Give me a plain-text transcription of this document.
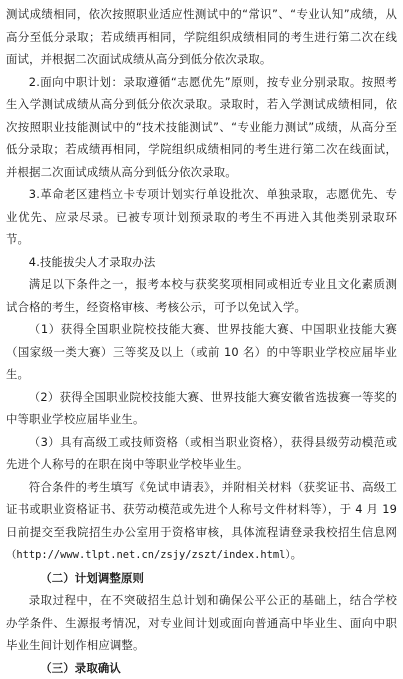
测试成绩相同，依次按照职业适应性测试中的“常识”、“专业认知”成绩，从高分至低分录取；若成绩再相同，学院组织成绩相同的考生进行第二次在线面试，并根据二次面试成绩从高分到低分依次录取。

2.面向中职计划：录取遵循“志愿优先”原则，按专业分别录取。按照考生入学测试成绩从高分到低分依次录取。录取时，若入学测试成绩相同，依次按照职业技能测试中的“技术技能测试”、“专业能力测试”成绩，从高分至低分录取；若成绩再相同，学院组织成绩相同的考生进行第二次在线面试，并根据二次面试成绩从高分到低分依次录取。

3.革命老区建档立卡专项计划实行单设批次、单独录取，志愿优先、专业优先、应录尽录。已被专项计划预录取的考生不再进入其他类别录取环节。

4.技能拔尖人才录取办法

满足以下条件之一，报考本校与获奖奖项相同或相近专业且文化素质测试合格的考生，经资格审核、考核公示，可予以免试入学。

（1）获得全国职业院校技能大赛、世界技能大赛、中国职业技能大赛（国家级一类大赛）三等奖及以上（或前 10 名）的中等职业学校应届毕业生。

（2）获得全国职业院校技能大赛、世界技能大赛安徽省选拔赛一等奖的中等职业学校应届毕业生。

（3）具有高级工或技师资格（或相当职业资格），获得县级劳动模范或先进个人称号的在职在岗中等职业学校毕业生。

符合条件的考生填写《免试申请表》，并附相关材料（获奖证书、高级工证书或职业资格证书、获劳动模范或先进个人称号文件材料等），于 4 月 19 日前提交至我院招生办公室用于资格审核，具体流程请登录我校招生信息网（http://www.tlpt.net.cn/zsjy/zszt/index.html）。

（二）计划调整原则

录取过程中，在不突破招生总计划和确保公平公正的基础上，结合学校办学条件、生源报考情况，对专业间计划或面向普通高中毕业生、面向中职毕业生间计划作相应调整。

（三）录取确认
